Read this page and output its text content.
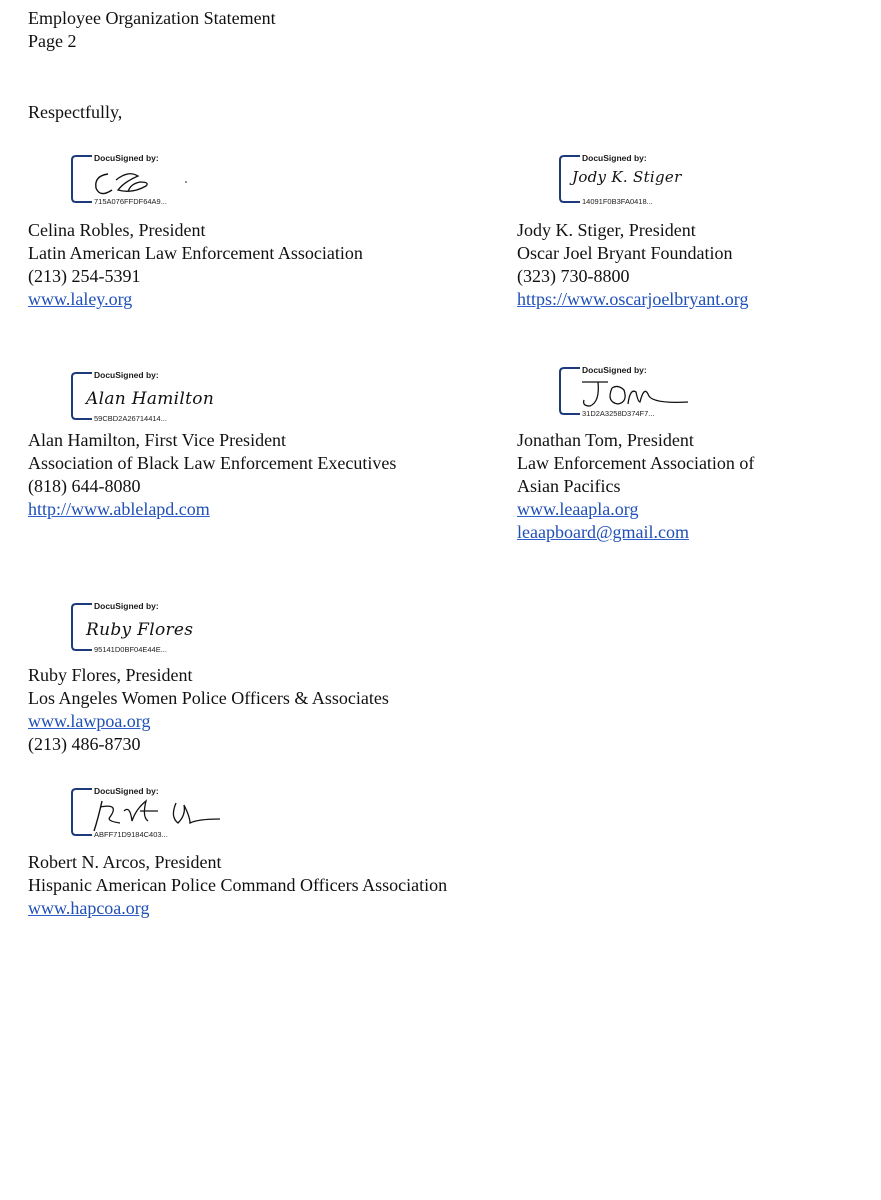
Employee Organization Statement
Page 2
Respectfully,
DocuSigned by:
715A076FFDF64A9...
DocuSigned by:
Jody K. Stiger
14091F0B3FA0418...
Celina Robles, President
Latin American Law Enforcement Association
(213) 254-5391
www.laley.org
Jody K. Stiger, President
Oscar Joel Bryant Foundation
(323) 730-8800
https://www.oscarjoelbryant.org
DocuSigned by:
Alan Hamilton
59CBD2A26714414...
DocuSigned by:
31D2A3258D374F7...
Alan Hamilton, First Vice President
Association of Black Law Enforcement Executives
(818) 644-8080
http://www.ablelapd.com
Jonathan Tom, President
Law Enforcement Association of
Asian Pacifics
www.leaapla.org
leaapboard@gmail.com
DocuSigned by:
Ruby Flores
95141D0BF04E44E...
Ruby Flores, President
Los Angeles Women Police Officers & Associates
www.lawpoa.org
(213) 486-8730
DocuSigned by:
ABFF71D9184C403...
Robert N. Arcos, President
Hispanic American Police Command Officers Association
www.hapcoa.org
